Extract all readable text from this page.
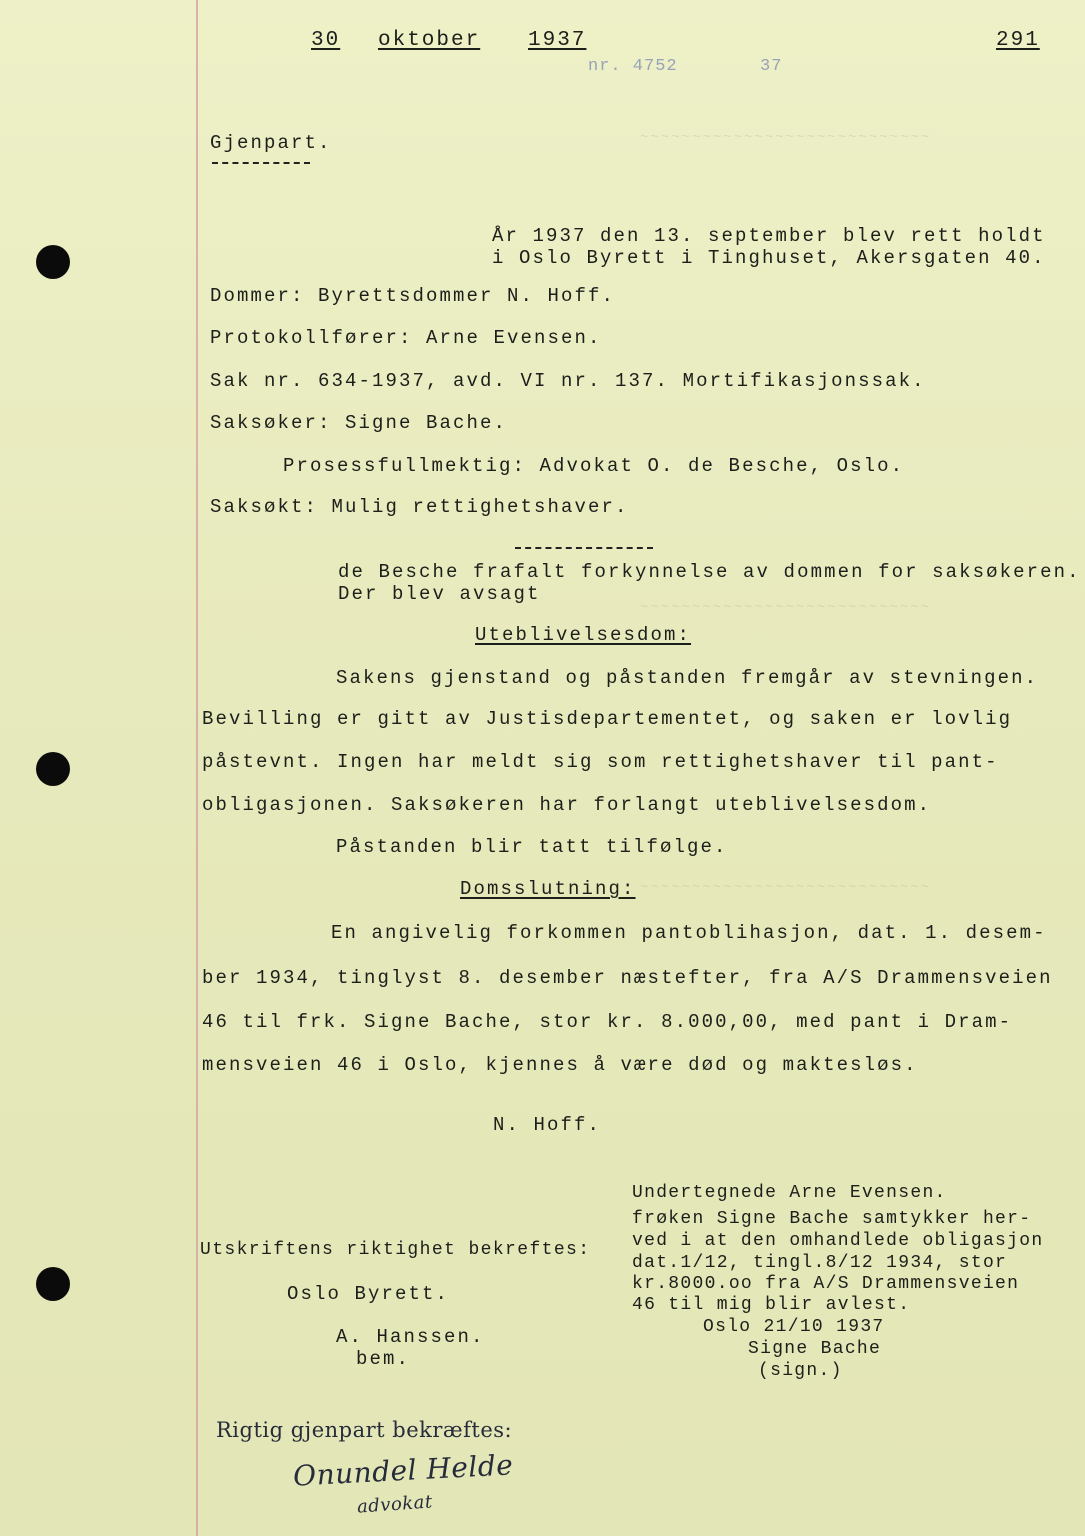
~~~~~~~~~~~~~~~~~~~~~~~~~~~~
~~~~~~~~~~~~~~~~~~~~~~~~~~~~
~~~~~~~~~~~~~~~~~~~~~~~~~~~~
30 oktober 1937	291
nr. 4752	37
Gjenpart.
År 1937 den 13. september blev rett holdt
i Oslo Byrett i Tinghuset, Akersgaten 40.
Dommer: Byrettsdommer N. Hoff.
Protokollfører: Arne Evensen.
Sak nr. 634-1937, avd. VI nr. 137. Mortifikasjonssak.
Saksøker: Signe Bache.
Prosessfullmektig: Advokat O. de Besche, Oslo.
Saksøkt: Mulig rettighetshaver.
de Besche frafalt forkynnelse av dommen for saksøkeren.
Der blev avsagt
Uteblivelsesdom:
Sakens gjenstand og påstanden fremgår av stevningen.
Bevilling er gitt av Justisdepartementet, og saken er lovlig
påstevnt. Ingen har meldt sig som rettighetshaver til pant-
obligasjonen. Saksøkeren har forlangt uteblivelsesdom.
Påstanden blir tatt tilfølge.
Domsslutning:
En angivelig forkommen pantoblihasjon, dat. 1. desem-
ber 1934, tinglyst 8. desember næstefter, fra A/S Drammensveien
46 til frk. Signe Bache, stor kr. 8.000,00, med pant i Dram-
mensveien 46 i Oslo, kjennes å være død og maktesløs.
N. Hoff.
Undertegnede Arne Evensen.
frøken Signe Bache samtykker her-
ved i at den omhandlede obligasjon
dat.1/12, tingl.8/12 1934, stor
kr.8000.oo fra A/S Drammensveien
46 til mig blir avlest.
Oslo 21/10 1937
Signe Bache
(sign.)
Utskriftens riktighet bekreftes:
Oslo Byrett.
A. Hanssen.
bem.
Rigtig gjenpart bekræftes:
Onundel Helde
advokat
